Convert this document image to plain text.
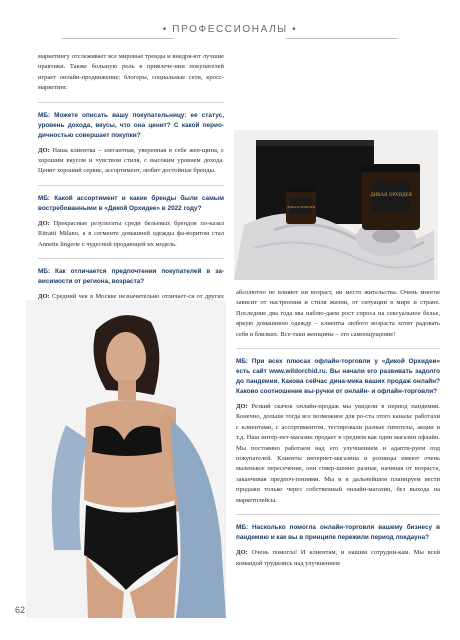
• ПРОФЕССИОНАЛЫ •

маркетингу отслеживает все мировые тренды и внедря-ют лучшие практики. Также большую роль в привлече-нии покупателей играет онлайн-продвижение: блогеры, социальные сети, кросс-маркетинг.

МБ: Можете описать вашу покупательницу: ее статус, уровень дохода, вкусы, что она ценит? С какой перио-дичностью совершает покупки?

ДО: Наша клиентка – элегантная, уверенная в себе жен-щина, с хорошим вкусом и чувством стиля, с высоким уровнем дохода. Ценит хороший сервис, ассортимент, любит достойные бренды.

МБ: Какой ассортимент и какие бренды были самым востребованными в «Дикой Орхидее» в 2022 году?

ДО: Прекрасные результаты среди бельевых брендов по-казал Ritratti Milano, а в сегменте домашней одежды фа-воритом стал Annette lingerie с чудесной продающей их модель.

МБ: Как отличается предпочтения покупателей в за-висимости от региона, возраста?

ДО: Средний чек в Москве незначительно отличает-ся от других

ДИКАЯ ОРХИДЕЯ
ДИКАЯ ОРХИДЕЯ

абсолютно не влияют ни возраст, ни место жительства. Очень многое зависит от настроения и стиля жизни, от ситуации в мире и стране. Последние два года мы наблю-даем рост спроса на сексуальное белье, яркую домашнюю одежду – клиенты любого возраста хотят радовать себя и близких. Все-таки женщины – это самоощущение!

МБ: При всех плюсах офлайн-торговли у «Дикой Орхидеи» есть сайт www.wildorchid.ru. Вы начали его развивать задолго до пандемии. Какова сейчас дина-мика ваших продаж онлайн? Каково соотношение вы-ручки от онлайн- и офлайн-торговли?

ДО: Резкий скачок онлайн-продаж мы увидели в период пандемии. Конечно, дольше тогда все возможное для ро-ста этого канала: работали с клиентами, с ассортиментом, тестировали разные гипотезы, акции и т.д. Наш интер-нет-магазин продает в среднем как один магазин офлайн. Мы постоянно работаем над его улучшением и адапти-руем под покупателей. Клиенты интернет-магазина и розницы имеют очень маленькое пересечение, они совер-шенно разные, начиная от возраста, заканчивая предпоч-тениями. Мы и в дальнейшем планируем вести продажи только через собственный онлайн-магазин, без выхода на маркетплейсы.

МБ: Насколько помогла онлайн-торговля вашему бизнесу в пандемию и как вы в принципе пережили период локдауна?

ДО: Очень помогла! И клиентам, и нашим сотрудни-кам. Мы всей командой трудились над улучшением

62
